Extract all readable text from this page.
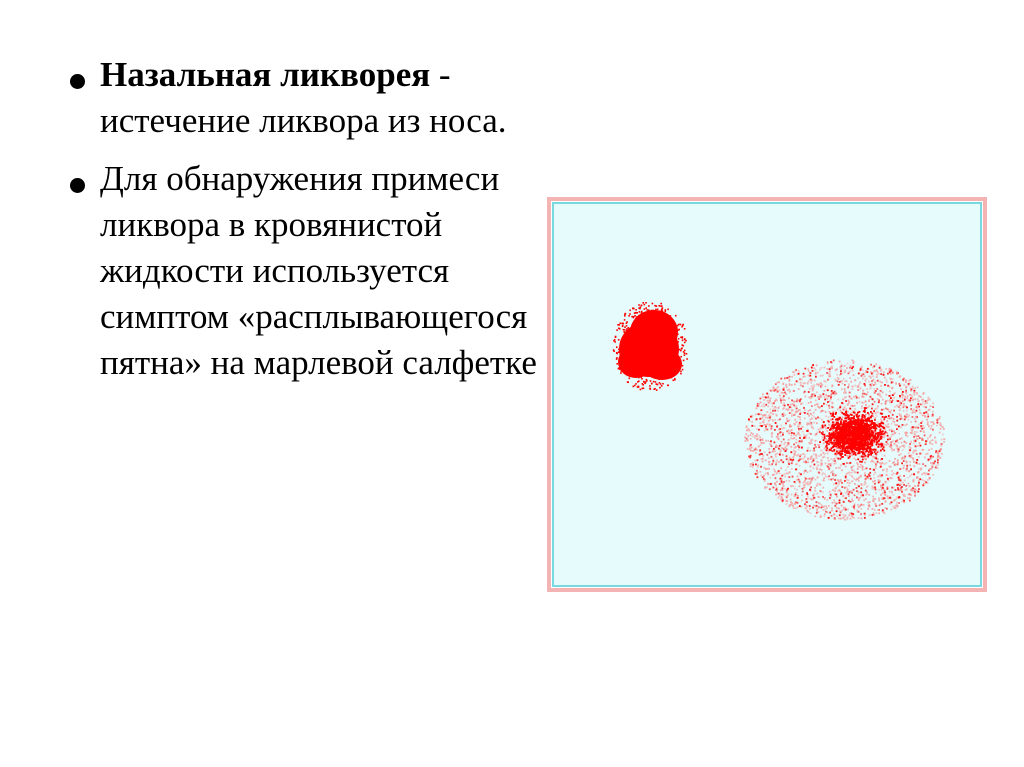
Назальная ликворея -
истечение ликвора из носа.
Для обнаружения примеси ликвора в кровянистой жидкости используется симптом «расплывающегося пятна» на марлевой салфетке
